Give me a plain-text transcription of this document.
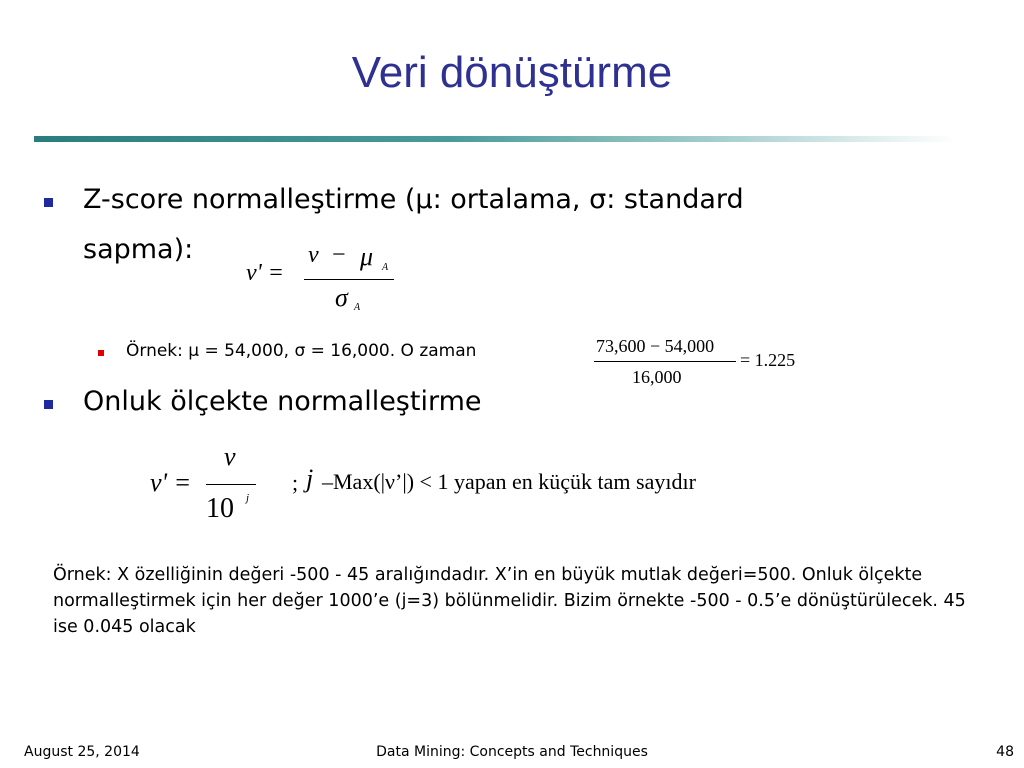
Veri dönüştürme
Z-score normalleştirme (μ: ortalama, σ: standard
sapma):
v' =
v − μ A
σ A
Örnek: μ = 54,000, σ = 16,000. O zaman	73,600 − 54,000
16,000
= 1.225
Onluk ölçekte normalleştirme
v' =
v
10 j
; j –Max(|ν’|) < 1 yapan en küçük tam sayıdır
Örnek: X özelliğinin değeri -500 - 45 aralığındadır. X’in en büyük mutlak değeri=500. Onluk ölçekte normalleştirmek için her değer 1000’e (j=3) bölünmelidir. Bizim örnekte -500 - 0.5’e dönüştürülecek. 45 ise 0.045 olacak
August 25, 2014	Data Mining: Concepts and Techniques	48
